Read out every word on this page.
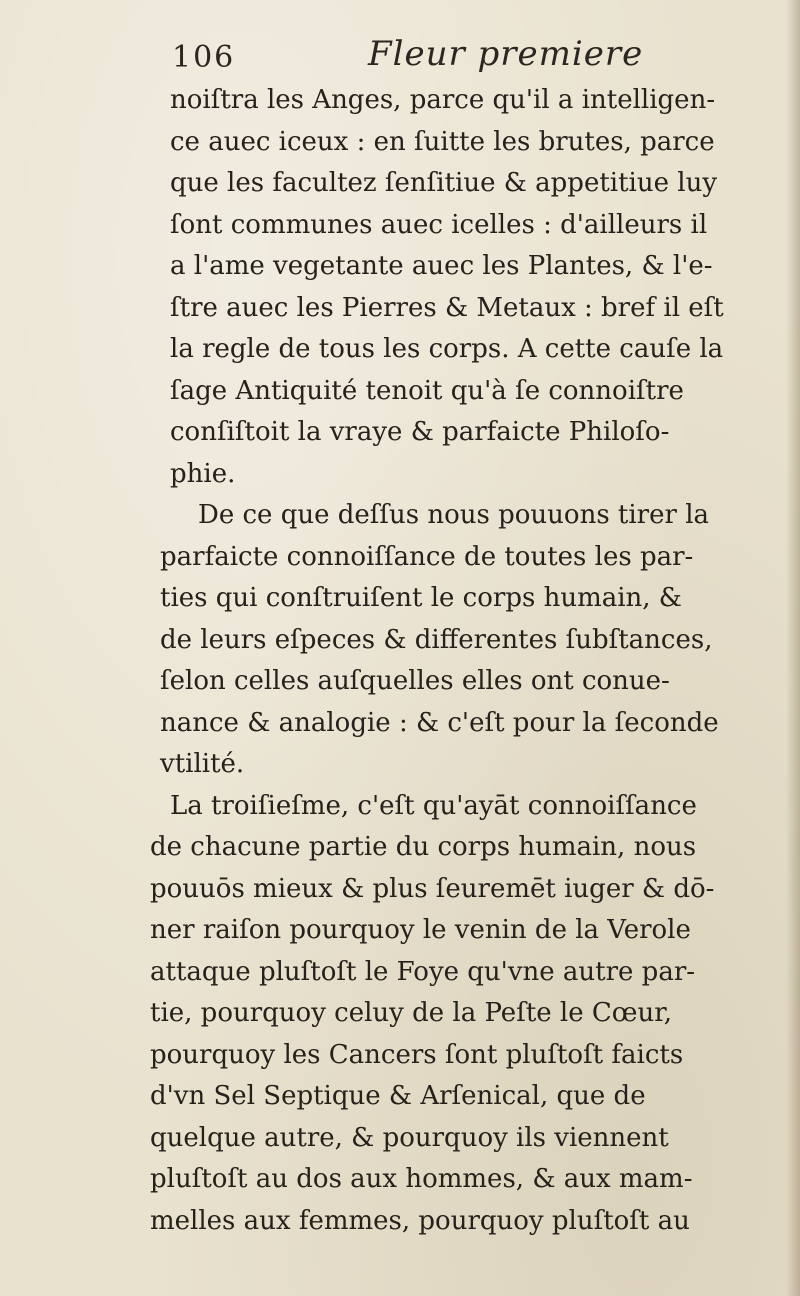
106	Fleur premiere
noiſtra les Anges, parce qu'il a intelligen-
ce auec iceux : en ſuitte les brutes, parce
que les facultez ſenſitiue & appetitiue luy
ſont communes auec icelles : d'ailleurs il
a l'ame vegetante auec les Plantes, & l'e-
ſtre auec les Pierres & Metaux : bref il eſt
la regle de tous les corps. A cette cauſe la
ſage Antiquité tenoit qu'à ſe connoiſtre
conſiſtoit la vraye & parfaicte Philoſo-
phie.
De ce que deſſus nous pouuons tirer la
parfaicte connoiſſance de toutes les par-
ties qui conſtruiſent le corps humain, &
de leurs eſpeces & differentes ſubſtances,
ſelon celles auſquelles elles ont conue-
nance & analogie : & c'eſt pour la ſeconde
vtilité.
La troiſieſme, c'eſt qu'ayāt connoiſſance
de chacune partie du corps humain, nous
pouuōs mieux & plus ſeuremēt iuger & dō-
ner raiſon pourquoy le venin de la Verole
attaque pluſtoſt le Foye qu'vne autre par-
tie, pourquoy celuy de la Peſte le Cœur,
pourquoy les Cancers ſont pluſtoſt faicts
d'vn Sel Septique & Arſenical, que de
quelque autre, & pourquoy ils viennent
pluſtoſt au dos aux hommes, & aux mam-
melles aux femmes, pourquoy pluſtoſt au
